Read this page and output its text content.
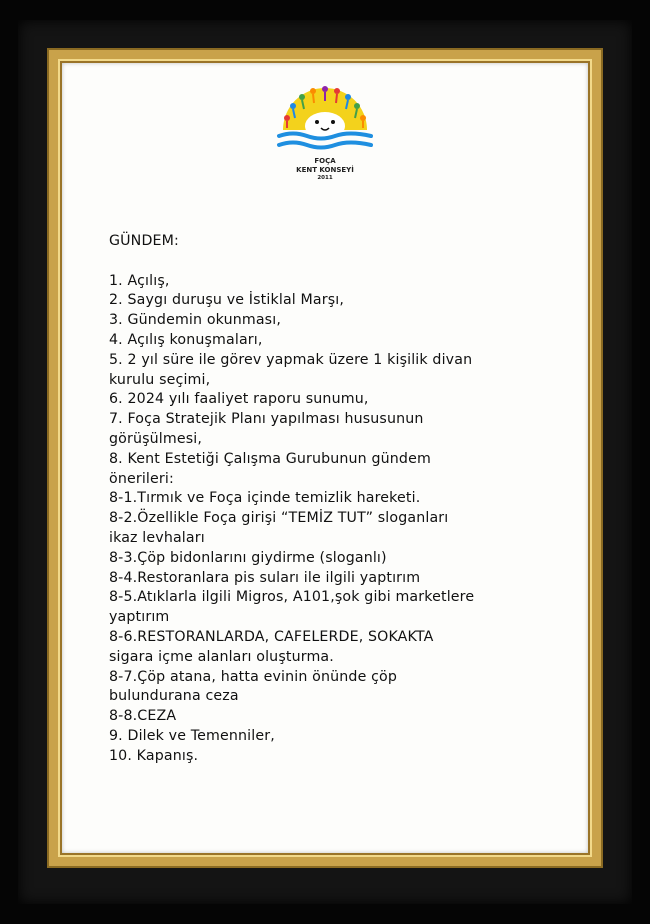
FOÇA
KENT KONSEYİ
2011

GÜNDEM:

1. Açılış,

2. Saygı duruşu ve İstiklal Marşı,

3. Gündemin okunması,

4. Açılış konuşmaları,

5. 2 yıl süre ile görev yapmak üzere 1 kişilik divan

kurulu seçimi,

6. 2024 yılı faaliyet raporu sunumu,

7. Foça Stratejik Planı yapılması hususunun

görüşülmesi,

8. Kent Estetiği Çalışma Gurubunun gündem

önerileri:

8-1.Tırmık ve Foça içinde temizlik hareketi.

8-2.Özellikle Foça girişi “TEMİZ TUT” sloganları

ikaz levhaları

8-3.Çöp bidonlarını giydirme (sloganlı)

8-4.Restoranlara pis suları ile ilgili yaptırım

8-5.Atıklarla ilgili Migros, A101,şok gibi marketlere

yaptırım

8-6.RESTORANLARDA, CAFELERDE, SOKAKTA

sigara içme alanları oluşturma.

8-7.Çöp atana, hatta evinin önünde çöp

bulundurana ceza

8-8.CEZA

9. Dilek ve Temenniler,

10. Kapanış.
